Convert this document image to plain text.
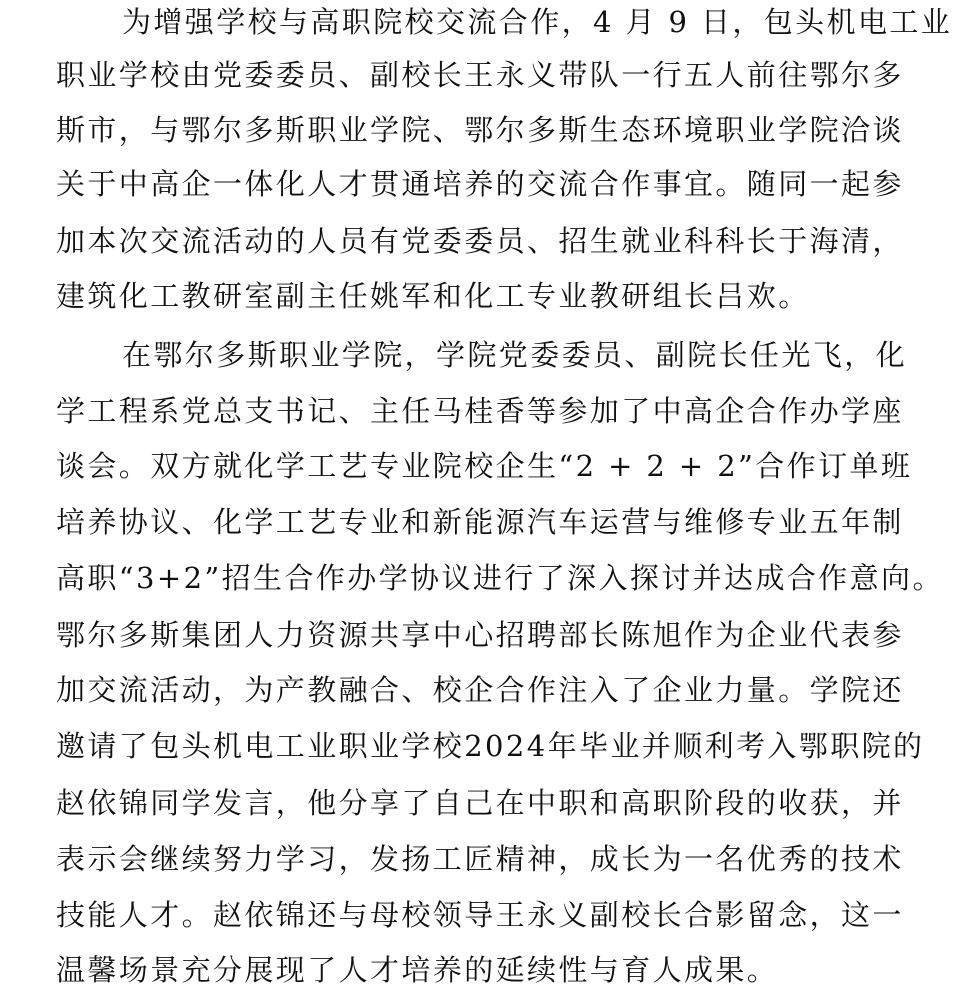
为增强学校与高职院校交流合作，4 月 9 日，包头机电工业
职业学校由党委委员、副校长王永义带队一行五人前往鄂尔多
斯市，与鄂尔多斯职业学院、鄂尔多斯生态环境职业学院洽谈
关于中高企一体化人才贯通培养的交流合作事宜。随同一起参
加本次交流活动的人员有党委委员、招生就业科科长于海清，
建筑化工教研室副主任姚军和化工专业教研组长吕欢。
在鄂尔多斯职业学院，学院党委委员、副院长任光飞，化
学工程系党总支书记、主任马桂香等参加了中高企合作办学座
谈会。双方就化学工艺专业院校企生“2 + 2 + 2”合作订单班
培养协议、化学工艺专业和新能源汽车运营与维修专业五年制
高职“3+2”招生合作办学协议进行了深入探讨并达成合作意向。
鄂尔多斯集团人力资源共享中心招聘部长陈旭作为企业代表参
加交流活动，为产教融合、校企合作注入了企业力量。学院还
邀请了包头机电工业职业学校2024年毕业并顺利考入鄂职院的
赵依锦同学发言，他分享了自己在中职和高职阶段的收获，并
表示会继续努力学习，发扬工匠精神，成长为一名优秀的技术
技能人才。赵依锦还与母校领导王永义副校长合影留念，这一
温馨场景充分展现了人才培养的延续性与育人成果。
